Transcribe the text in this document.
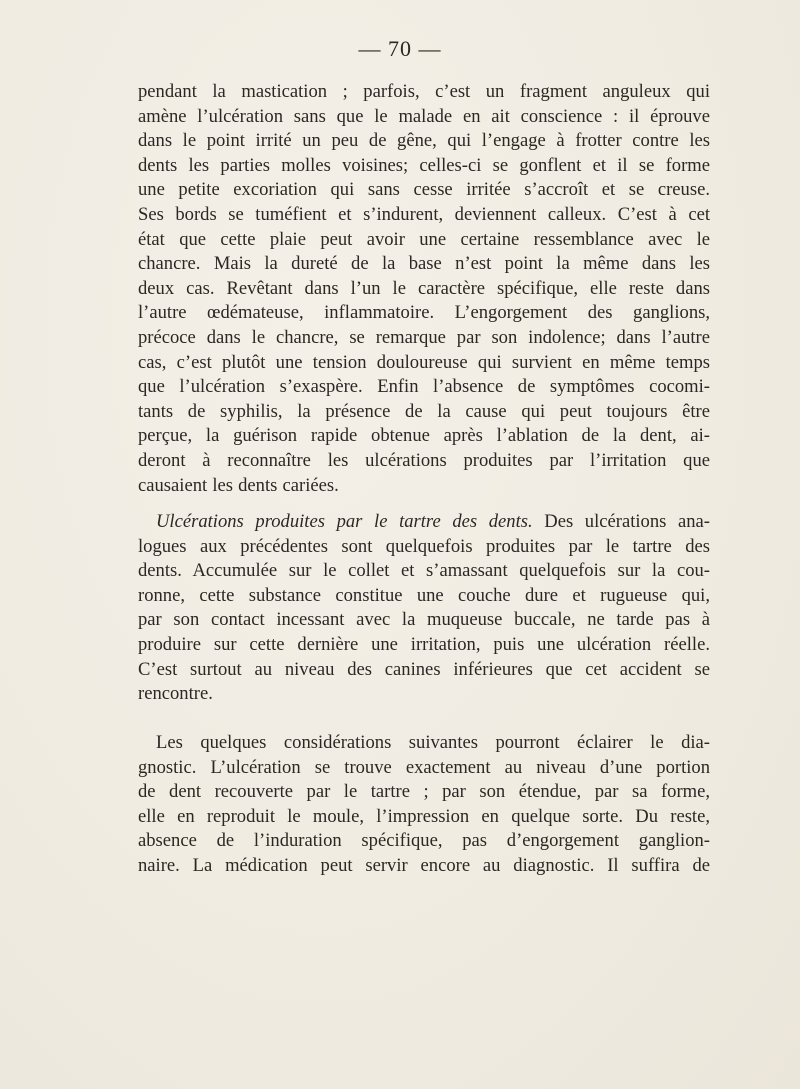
— 70 —
pendant la mastication ; parfois, c’est un fragment anguleux qui
amène l’ulcération sans que le malade en ait conscience : il éprouve
dans le point irrité un peu de gêne, qui l’engage à frotter contre les
dents les parties molles voisines; celles-ci se gonflent et il se forme
une petite excoriation qui sans cesse irritée s’accroît et se creuse.
Ses bords se tuméfient et s’indurent, deviennent calleux. C’est à cet
état que cette plaie peut avoir une certaine ressemblance avec le
chancre. Mais la dureté de la base n’est point la même dans les
deux cas. Revêtant dans l’un le caractère spécifique, elle reste dans
l’autre œdémateuse, inflammatoire. L’engorgement des ganglions,
précoce dans le chancre, se remarque par son indolence; dans l’autre
cas, c’est plutôt une tension douloureuse qui survient en même temps
que l’ulcération s’exaspère. Enfin l’absence de symptômes cocomi-
tants de syphilis, la présence de la cause qui peut toujours être
perçue, la guérison rapide obtenue après l’ablation de la dent, ai-
deront à reconnaître les ulcérations produites par l’irritation que
causaient les dents cariées.
Ulcérations produites par le tartre des dents. Des ulcérations ana-
logues aux précédentes sont quelquefois produites par le tartre des
dents. Accumulée sur le collet et s’amassant quelquefois sur la cou-
ronne, cette substance constitue une couche dure et rugueuse qui,
par son contact incessant avec la muqueuse buccale, ne tarde pas à
produire sur cette dernière une irritation, puis une ulcération réelle.
C’est surtout au niveau des canines inférieures que cet accident se
rencontre.
Les quelques considérations suivantes pourront éclairer le dia-
gnostic. L’ulcération se trouve exactement au niveau d’une portion
de dent recouverte par le tartre ; par son étendue, par sa forme,
elle en reproduit le moule, l’impression en quelque sorte. Du reste,
absence de l’induration spécifique, pas d’engorgement ganglion-
naire. La médication peut servir encore au diagnostic. Il suffira de
